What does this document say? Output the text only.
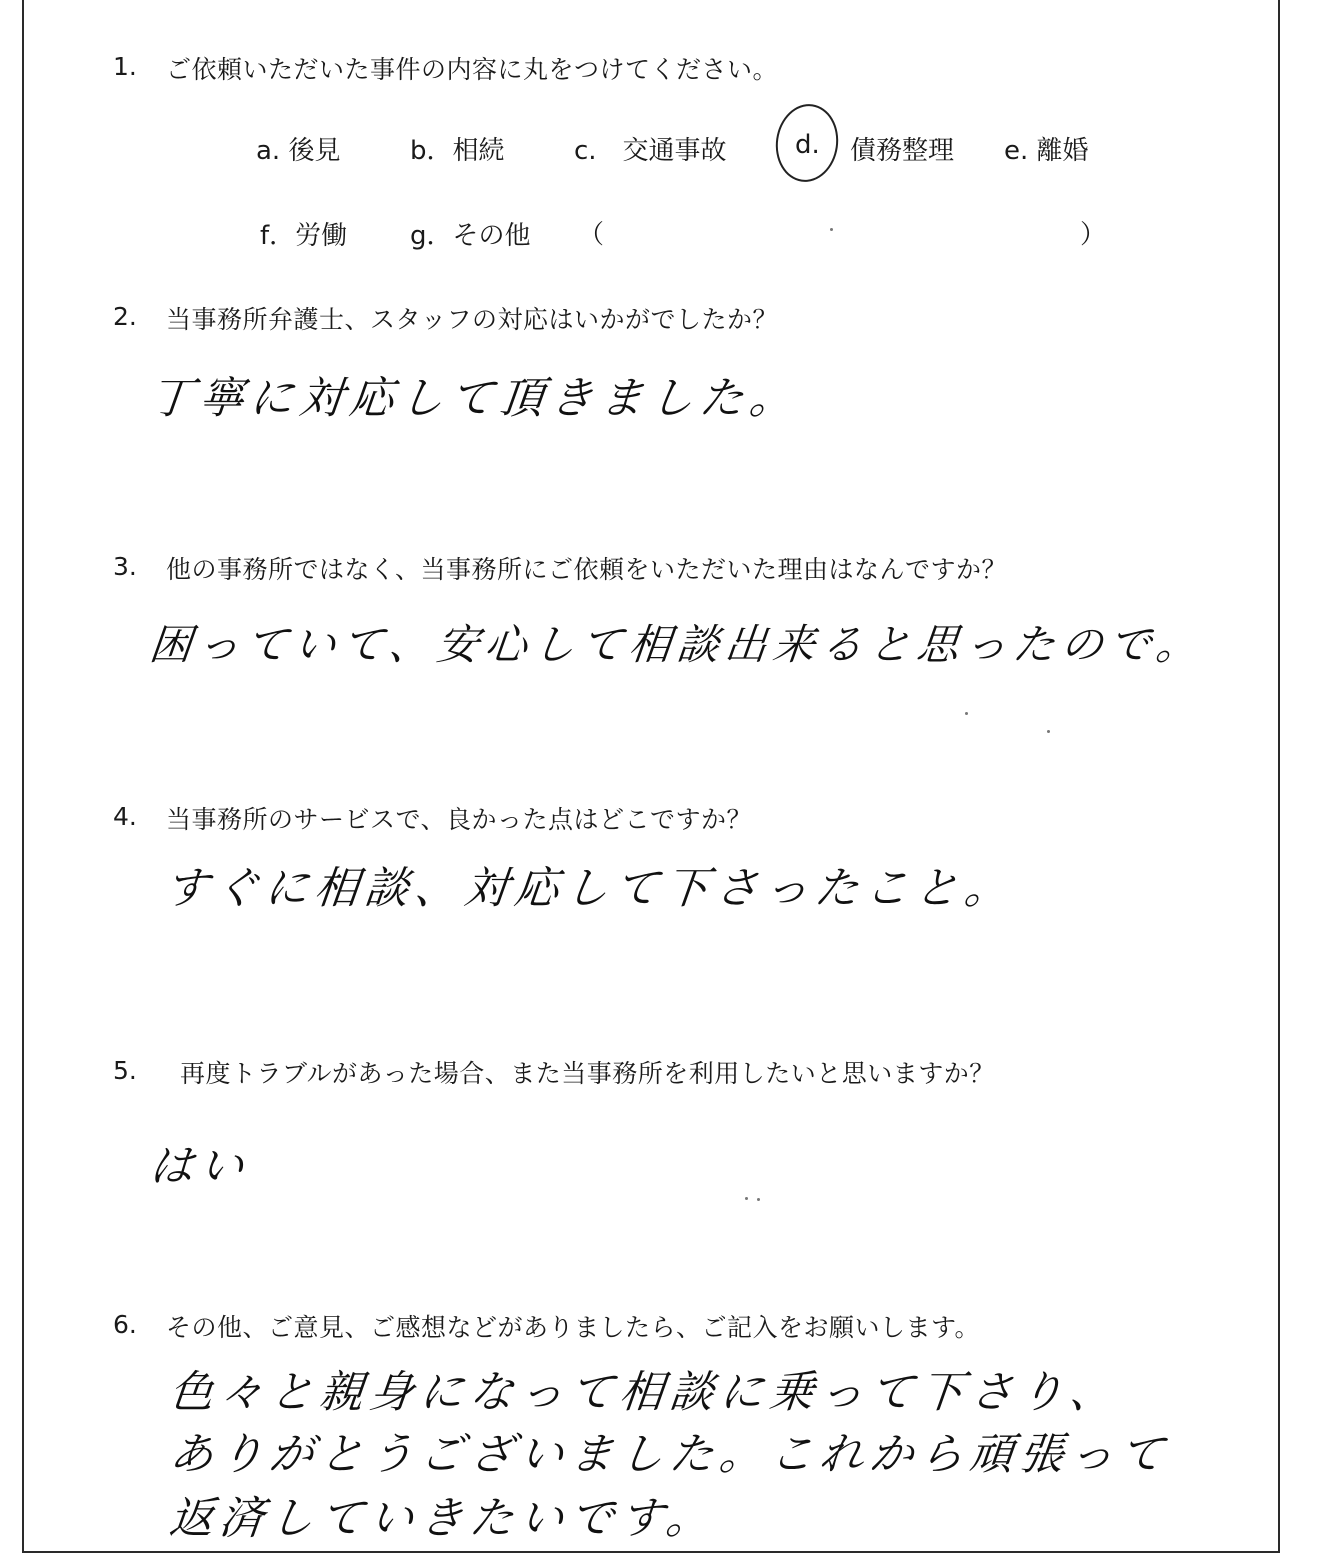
1. ご依頼いただいた事件の内容に丸をつけてください。
a. 後見	b．相続	c.　交通事故	d. 債務整理 e. 離婚
f．労働 g．その他 （	）
2. 当事務所弁護士、スタッフの対応はいかがでしたか？
丁寧に対応して頂きました。
3. 他の事務所ではなく、当事務所にご依頼をいただいた理由はなんですか？
困っていて、安心して相談出来ると思ったので。
4. 当事務所のサービスで、良かった点はどこですか？
すぐに相談、対応して下さったこと。
5. 再度トラブルがあった場合、また当事務所を利用したいと思いますか？
はい
6. その他、ご意見、ご感想などがありましたら、ご記入をお願いします。
色々と親身になって相談に乗って下さり、
ありがとうございました。これから頑張って
返済していきたいです。
